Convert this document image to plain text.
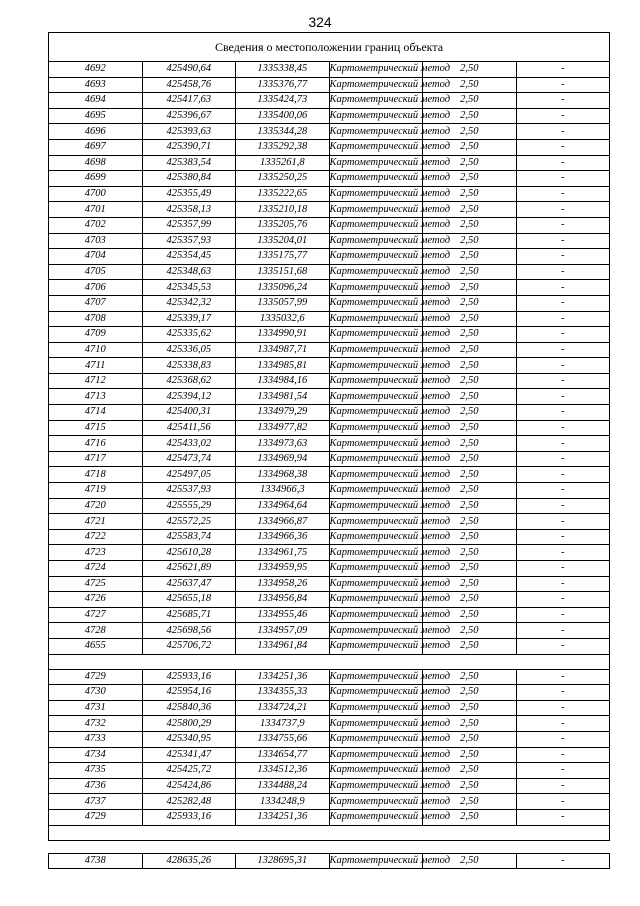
324
Сведения о местоположении границ объекта					
4692	425490,64	1335338,45	Картометрический метод	2,50	-
4693	425458,76	1335376,77	Картометрический метод	2,50	-
4694	425417,63	1335424,73	Картометрический метод	2,50	-
4695	425396,67	1335400,06	Картометрический метод	2,50	-
4696	425393,63	1335344,28	Картометрический метод	2,50	-
4697	425390,71	1335292,38	Картометрический метод	2,50	-
4698	425383,54	1335261,8	Картометрический метод	2,50	-
4699	425380,84	1335250,25	Картометрический метод	2,50	-
4700	425355,49	1335222,65	Картометрический метод	2,50	-
4701	425358,13	1335210,18	Картометрический метод	2,50	-
4702	425357,99	1335205,76	Картометрический метод	2,50	-
4703	425357,93	1335204,01	Картометрический метод	2,50	-
4704	425354,45	1335175,77	Картометрический метод	2,50	-
4705	425348,63	1335151,68	Картометрический метод	2,50	-
4706	425345,53	1335096,24	Картометрический метод	2,50	-
4707	425342,32	1335057,99	Картометрический метод	2,50	-
4708	425339,17	1335032,6	Картометрический метод	2,50	-
4709	425335,62	1334990,91	Картометрический метод	2,50	-
4710	425336,05	1334987,71	Картометрический метод	2,50	-
4711	425338,83	1334985,81	Картометрический метод	2,50	-
4712	425368,62	1334984,16	Картометрический метод	2,50	-
4713	425394,12	1334981,54	Картометрический метод	2,50	-
4714	425400,31	1334979,29	Картометрический метод	2,50	-
4715	425411,56	1334977,82	Картометрический метод	2,50	-
4716	425433,02	1334973,63	Картометрический метод	2,50	-
4717	425473,74	1334969,94	Картометрический метод	2,50	-
4718	425497,05	1334968,38	Картометрический метод	2,50	-
4719	425537,93	1334966,3	Картометрический метод	2,50	-
4720	425555,29	1334964,64	Картометрический метод	2,50	-
4721	425572,25	1334966,87	Картометрический метод	2,50	-
4722	425583,74	1334966,36	Картометрический метод	2,50	-
4723	425610,28	1334961,75	Картометрический метод	2,50	-
4724	425621,89	1334959,95	Картометрический метод	2,50	-
4725	425637,47	1334958,26	Картометрический метод	2,50	-
4726	425655,18	1334956,84	Картометрический метод	2,50	-
4727	425685,71	1334955,46	Картометрический метод	2,50	-
4728	425698,56	1334957,09	Картометрический метод	2,50	-
4655	425706,72	1334961,84	Картометрический метод	2,50	-

4729	425933,16	1334251,36	Картометрический метод	2,50	-
4730	425954,16	1334355,33	Картометрический метод	2,50	-
4731	425840,36	1334724,21	Картометрический метод	2,50	-
4732	425800,29	1334737,9	Картометрический метод	2,50	-
4733	425340,95	1334755,66	Картометрический метод	2,50	-
4734	425341,47	1334654,77	Картометрический метод	2,50	-
4735	425425,72	1334512,36	Картометрический метод	2,50	-
4736	425424,86	1334488,24	Картометрический метод	2,50	-
4737	425282,48	1334248,9	Картометрический метод	2,50	-
4729	425933,16	1334251,36	Картометрический метод	2,50	-

4738	428635,26	1328695,31	Картометрический метод	2,50	-
